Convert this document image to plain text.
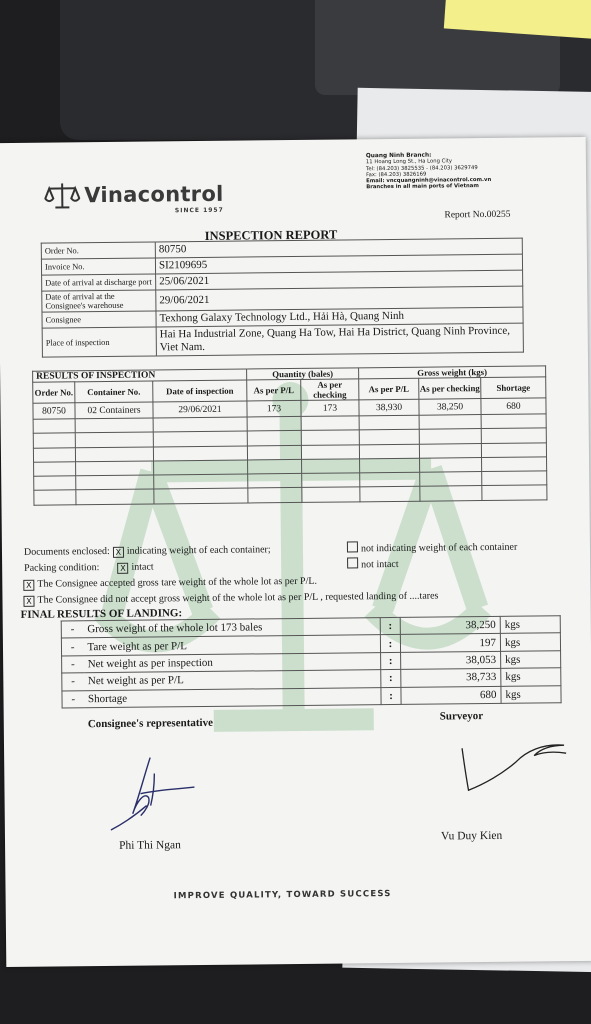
Vinacontrol
SINCE 1957
Quang Ninh Branch:
11 Hoang Long St., Ha Long City
Tel: (84.203) 3825535 - (84.203) 3629749
Fax: (84.203) 3826169
Email: vncquangninh@vinacontrol.com.vn
Branches in all main ports of Vietnam
Report No.00255
INSPECTION REPORT
Order No.	80750
Invoice No.	SI2109695
Date of arrival at discharge port	25/06/2021
Date of arrival at the Consignee's warehouse	29/06/2021
Consignee	Texhong Galaxy Technology Ltd., Hải Hà, Quang Ninh
Place of inspection	Hai Ha Industrial Zone, Quang Ha Tow, Hai Ha District, Quang Ninh Province, Viet Nam.
RESULTS OF INSPECTION			Quantity (bales)		Gross weight (kgs)		
Order No.	Container No.	Date of inspection	As per P/L	As per checking	As per P/L	As per checking	Shortage
80750	02 Containers	29/06/2021	173	173	38,930	38,250	680

Documents enclosed: X indicating weight of each container;	not indicating weight of each container
Packing condition:	X intact	not intact
X The Consignee accepted gross tare weight of the whole lot as per P/L.
X The Consignee did not accept gross weight of the whole lot as per P/L , requested landing of ....tares
FINAL RESULTS OF LANDING:
-	Gross weight of the whole lot 173 bales	:	38,250	kgs
-	Tare weight as per P/L	:	197	kgs
-	Net weight as per inspection	:	38,053	kgs
-	Net weight as per P/L	:	38,733	kgs
-	Shortage	:	680	kgs
Consignee's representative
Surveyor
Phi Thi Ngan
Vu Duy Kien
IMPROVE QUALITY, TOWARD SUCCESS
